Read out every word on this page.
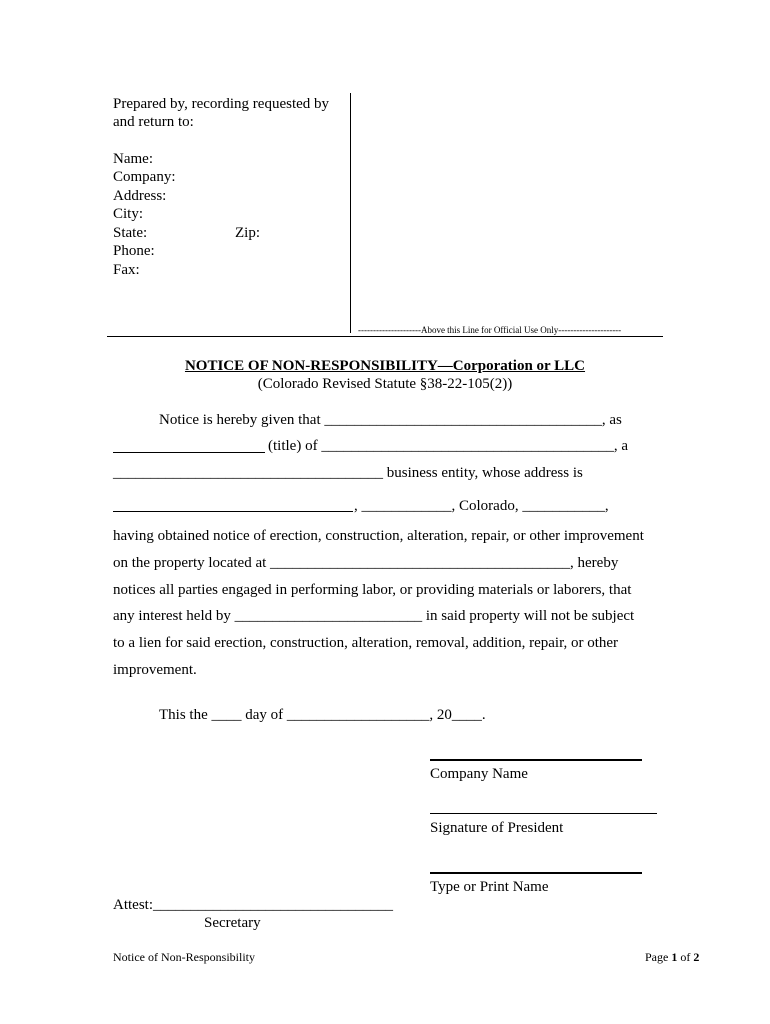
Prepared by, recording requested by
and return to:
Name:
Company:
Address:
City:
State:	Zip:
Phone:
Fax:
---------------------Above this Line for Official Use Only---------------------
NOTICE OF NON-RESPONSIBILITY—Corporation or LLC
(Colorado Revised Statute §38-22-105(2))
Notice is hereby given that _____________________________________, as
(title) of _______________________________________, a
____________________________________ business entity, whose address is
, ____________, Colorado, ___________,
having obtained notice of erection, construction, alteration, repair, or other improvement
on the property located at ________________________________________, hereby
notices all parties engaged in performing labor, or providing materials or laborers, that
any interest held by _________________________ in said property will not be subject
to a lien for said erection, construction, alteration, removal, addition, repair, or other
improvement.
This the ____ day of ___________________, 20____.
Company Name
Signature of President
Type or Print Name
Attest:________________________________
Secretary
Notice of Non-Responsibility	Page 1 of 2
